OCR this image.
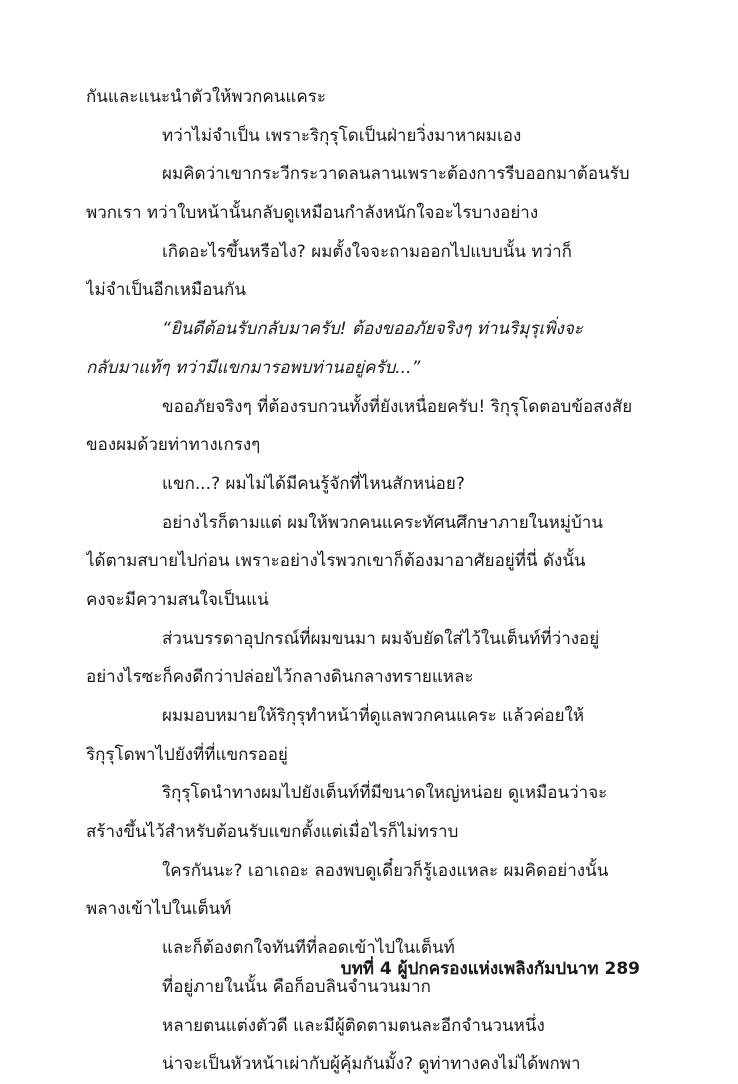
กันและแนะนำตัวให้พวกคนแคระ
ทว่าไม่จำเป็น เพราะริกุรุโดเป็นฝ่ายวิ่งมาหาผมเอง
ผมคิดว่าเขากระวีกระวาดลนลานเพราะต้องการรีบออกมาต้อนรับ
พวกเรา ทว่าใบหน้านั้นกลับดูเหมือนกำลังหนักใจอะไรบางอย่าง
เกิดอะไรขึ้นหรือไง? ผมตั้งใจจะถามออกไปแบบนั้น ทว่าก็
ไม่จำเป็นอีกเหมือนกัน
“ยินดีต้อนรับกลับมาครับ! ต้องขออภัยจริงๆ ท่านริมุรุเพิ่งจะ
กลับมาแท้ๆ ทว่ามีแขกมารอพบท่านอยู่ครับ...”
ขออภัยจริงๆ ที่ต้องรบกวนทั้งที่ยังเหนื่อยครับ! ริกุรุโดตอบข้อสงสัย
ของผมด้วยท่าทางเกรงๆ
แขก...? ผมไม่ได้มีคนรู้จักที่ไหนสักหน่อย?
อย่างไรก็ตามแต่ ผมให้พวกคนแคระทัศนศึกษาภายในหมู่บ้าน
ได้ตามสบายไปก่อน เพราะอย่างไรพวกเขาก็ต้องมาอาศัยอยู่ที่นี่ ดังนั้น
คงจะมีความสนใจเป็นแน่
ส่วนบรรดาอุปกรณ์ที่ผมขนมา ผมจับยัดใส่ไว้ในเต็นท์ที่ว่างอยู่
อย่างไรซะก็คงดีกว่าปล่อยไว้กลางดินกลางทรายแหละ
ผมมอบหมายให้ริกุรุทำหน้าที่ดูแลพวกคนแคระ แล้วค่อยให้
ริกุรุโดพาไปยังที่ที่แขกรออยู่
ริกุรุโดนำทางผมไปยังเต็นท์ที่มีขนาดใหญ่หน่อย ดูเหมือนว่าจะ
สร้างขึ้นไว้สำหรับต้อนรับแขกตั้งแต่เมื่อไรก็ไม่ทราบ
ใครกันนะ? เอาเถอะ ลองพบดูเดี๋ยวก็รู้เองแหละ ผมคิดอย่างนั้น
พลางเข้าไปในเต็นท์
และก็ต้องตกใจทันทีที่ลอดเข้าไปในเต็นท์
ที่อยู่ภายในนั้น คือก็อบลินจำนวนมาก
หลายตนแต่งตัวดี และมีผู้ติดตามตนละอีกจำนวนหนึ่ง
น่าจะเป็นหัวหน้าเผ่ากับผู้คุ้มกันมั้ง? ดูท่าทางคงไม่ได้พกพา
บทที่ 4 ผู้ปกครองแห่งเพลิงกัมปนาท 289
